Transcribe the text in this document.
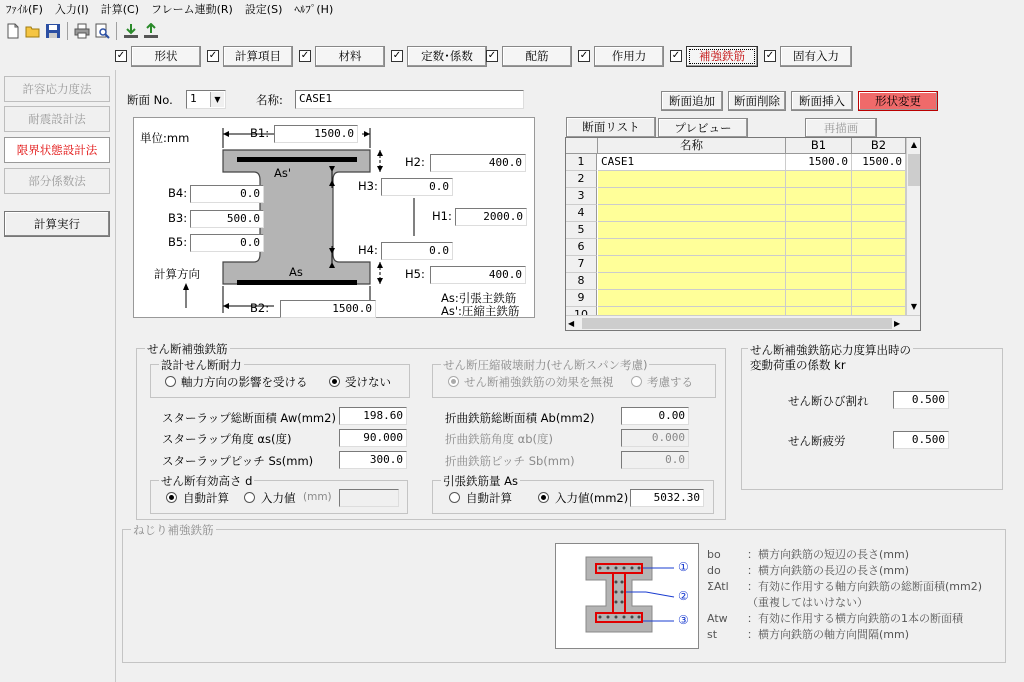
ﾌｧｲﾙ(F)	入力(I)	計算(C)	フレーム連動(R)	設定(S)	ﾍﾙﾌﾟ(H)
✓	形状	✓	計算項目	✓	材料	✓	定数･係数	✓	配筋	✓	作用力	✓	補強鉄筋	✓	固有入力
許容応力度法
耐震設計法
限界状態設計法
部分係数法
計算実行
断面 No.	1	▼	名称:	CASE1
単位:mm	B1:	1500.0
B2:	1500.0
B4:	0.0
B3:	500.0
B5:	0.0
H2:	400.0
H3:	0.0
H1:	2000.0
H4:	0.0
H5:	400.0
As'
As
計算方向
As:引張主鉄筋
As':圧縮主鉄筋
断面追加	断面削除	断面挿入	形状変更
断面リスト	プレビュー	再描画
名称	B1	B2
1	CASE1	1500.0	1500.0
2
3
4
5
6
7
8
9
▲
▼
◀	▶
せん断補強鉄筋
設計せん断耐力
軸力方向の影響を受ける	受けない
せん断圧縮破壊耐力(せん断スパン考慮)
せん断補強鉄筋の効果を無視	考慮する
スターラップ総断面積 Aw(mm2)	198.60
スターラップ角度 αs(度)	90.000
スターラップピッチ Ss(mm)	300.0
折曲鉄筋総断面積 Ab(mm2)	0.00
折曲鉄筋角度 αb(度)	0.000
折曲鉄筋ピッチ Sb(mm)	0.0
せん断有効高さ d
自動計算	入力値 (mm)
引張鉄筋量 As
自動計算	入力値(mm2)	5032.30
せん断補強鉄筋応力度算出時の
変動荷重の係数 kr
せん断ひび割れ	0.500
せん断疲労	0.500
ねじり補強鉄筋
①
②
③
bo ：横方向鉄筋の短辺の長さ(mm)
do ：横方向鉄筋の長辺の長さ(mm)
ΣAtl ：有効に作用する軸方向鉄筋の総断面積(mm2)
（重複してはいけない）
Atw ：有効に作用する横方向鉄筋の1本の断面積
st	：横方向鉄筋の軸方向間隔(mm)
